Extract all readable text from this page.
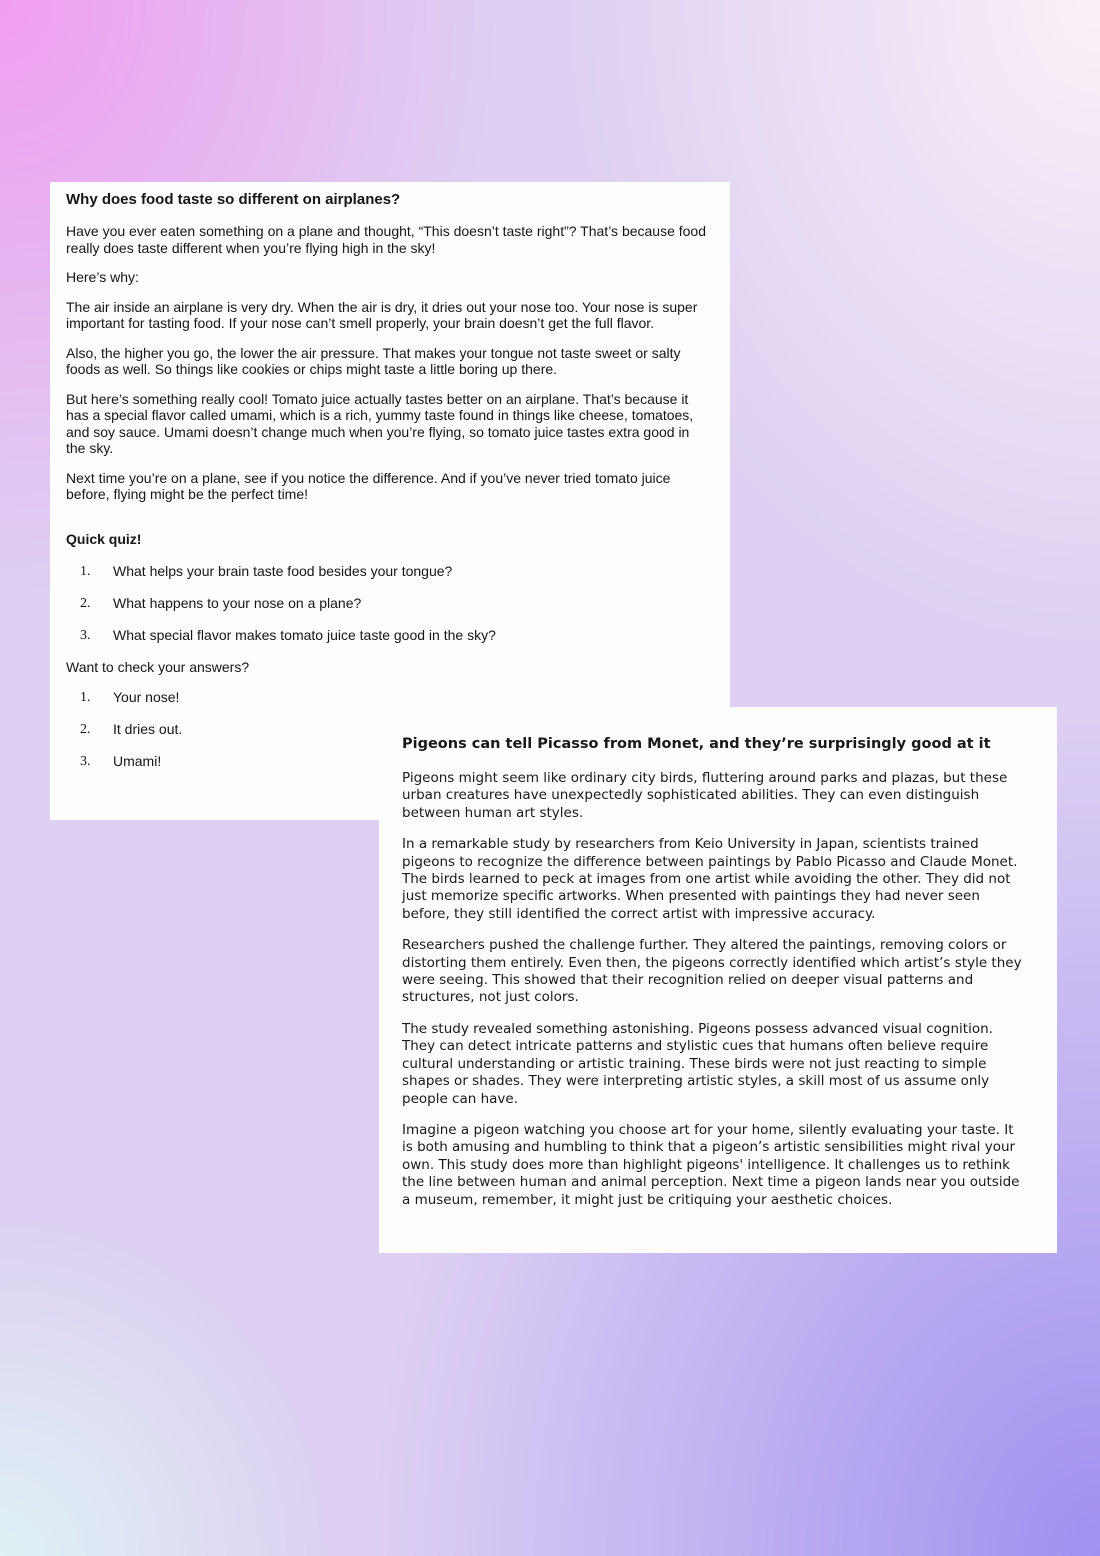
Why does food taste so different on airplanes?

Have you ever eaten something on a plane and thought, “This doesn’t taste right”? That’s because food really does taste different when you’re flying high in the sky!

Here’s why:

The air inside an airplane is very dry. When the air is dry, it dries out your nose too. Your nose is super important for tasting food. If your nose can’t smell properly, your brain doesn’t get the full flavor.

Also, the higher you go, the lower the air pressure. That makes your tongue not taste sweet or salty foods as well. So things like cookies or chips might taste a little boring up there.

But here’s something really cool! Tomato juice actually tastes better on an airplane. That’s because it has a special flavor called umami, which is a rich, yummy taste found in things like cheese, tomatoes, and soy sauce. Umami doesn’t change much when you’re flying, so tomato juice tastes extra good in the sky.

Next time you’re on a plane, see if you notice the difference. And if you’ve never tried tomato juice before, flying might be the perfect time!

Quick quiz!
1. What helps your brain taste food besides your tongue?
2. What happens to your nose on a plane?
3. What special flavor makes tomato juice taste good in the sky?

Want to check your answers?

1. Your nose!
2. It dries out.
3. Umami!
Pigeons can tell Picasso from Monet, and they’re surprisingly good at it

Pigeons might seem like ordinary city birds, fluttering around parks and plazas, but these urban creatures have unexpectedly sophisticated abilities. They can even distinguish between human art styles.

In a remarkable study by researchers from Keio University in Japan, scientists trained pigeons to recognize the difference between paintings by Pablo Picasso and Claude Monet. The birds learned to peck at images from one artist while avoiding the other. They did not just memorize specific artworks. When presented with paintings they had never seen before, they still identified the correct artist with impressive accuracy.

Researchers pushed the challenge further. They altered the paintings, removing colors or distorting them entirely. Even then, the pigeons correctly identified which artist’s style they were seeing. This showed that their recognition relied on deeper visual patterns and structures, not just colors.

The study revealed something astonishing. Pigeons possess advanced visual cognition. They can detect intricate patterns and stylistic cues that humans often believe require cultural understanding or artistic training. These birds were not just reacting to simple shapes or shades. They were interpreting artistic styles, a skill most of us assume only people can have.

Imagine a pigeon watching you choose art for your home, silently evaluating your taste. It is both amusing and humbling to think that a pigeon’s artistic sensibilities might rival your own. This study does more than highlight pigeons' intelligence. It challenges us to rethink the line between human and animal perception. Next time a pigeon lands near you outside a museum, remember, it might just be critiquing your aesthetic choices.
